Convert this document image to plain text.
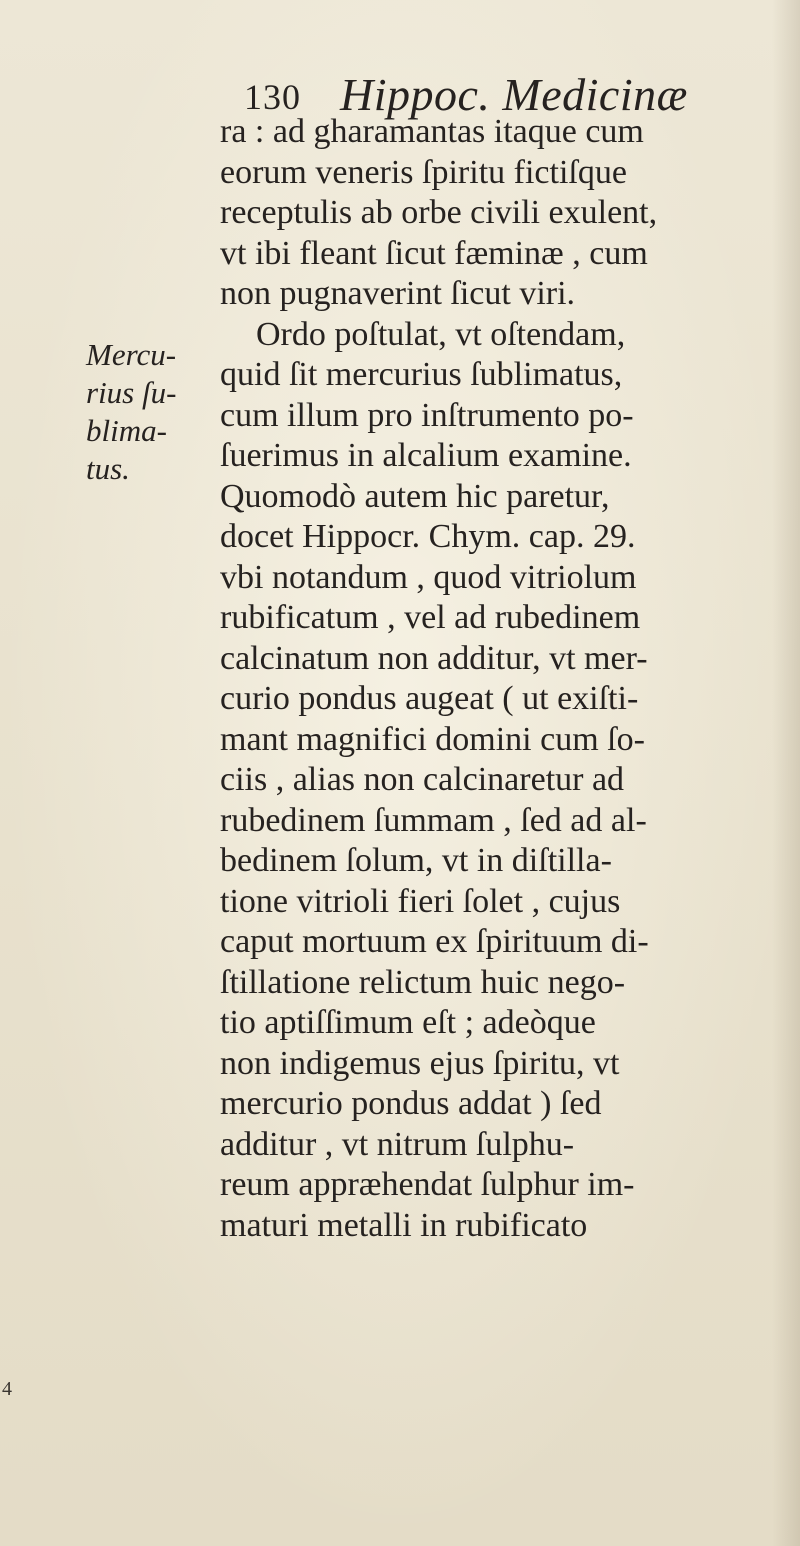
130 Hippoc. Medicinæ
Mercu-
rius ſu-
blima-
tus.
ra : ad gharamantas itaque cum
eorum veneris ſpiritu fictiſque
receptulis ab orbe civili exulent,
vt ibi fleant ſicut fæminæ , cum
non pugnaverint ſicut viri.
Ordo poſtulat, vt oſtendam,
quid ſit mercurius ſublimatus,
cum illum pro inſtrumento po-
ſuerimus in alcalium examine.
Quomodò autem hic paretur,
docet Hippocr. Chym. cap. 29.
vbi notandum , quod vitriolum
rubificatum , vel ad rubedinem
calcinatum non additur, vt mer-
curio pondus augeat ( ut exiſti-
mant magnifici domini cum ſo-
ciis , alias non calcinaretur ad
rubedinem ſummam , ſed ad al-
bedinem ſolum, vt in diſtilla-
tione vitrioli fieri ſolet , cujus
caput mortuum ex ſpirituum di-
ſtillatione relictum huic nego-
tio aptiſſimum eſt ; adeòque
non indigemus ejus ſpiritu, vt
mercurio pondus addat ) ſed
additur , vt nitrum ſulphu-
reum appræhendat ſulphur im-
maturi metalli in rubificato
4
